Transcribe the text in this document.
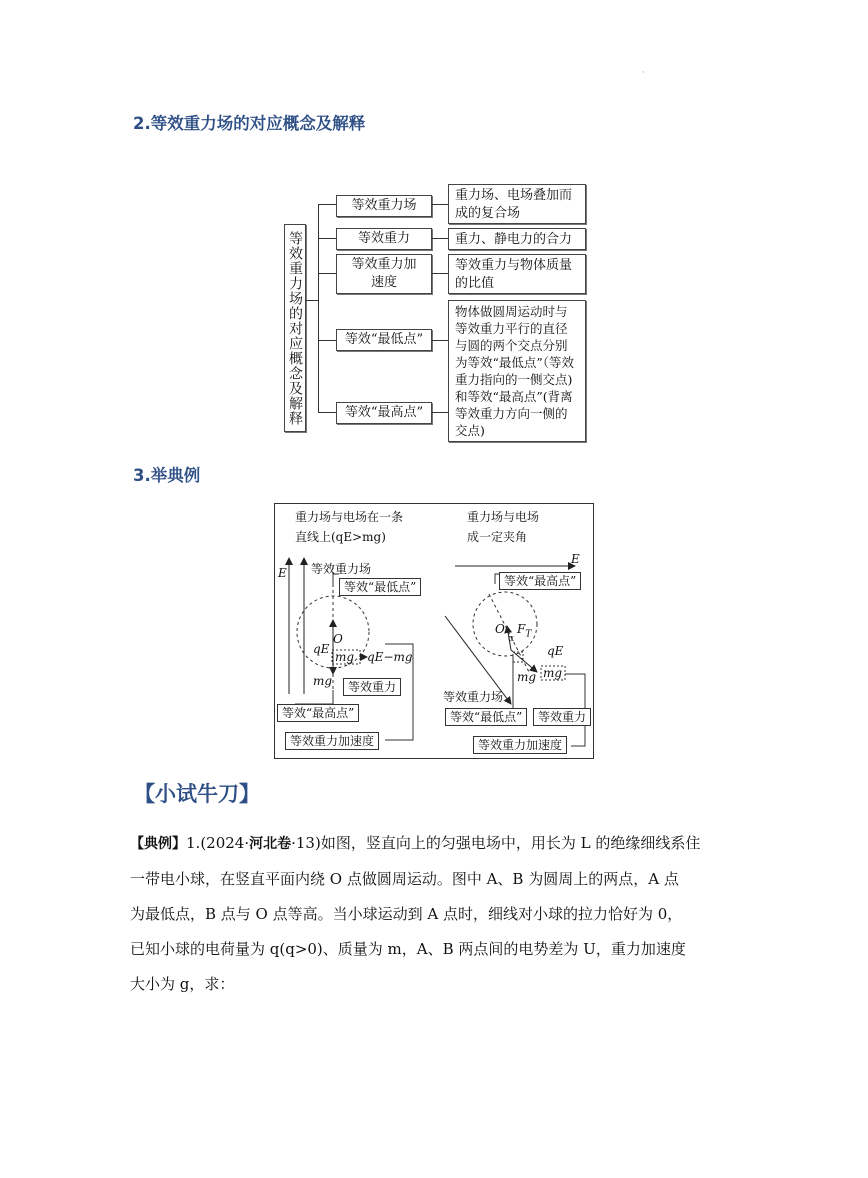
·
2.等效重力场的对应概念及解释
等效重力场的对应概念及解释
等效重力场
等效重力
等效重力加速度
等效“最低点”
等效“最高点”
重力场、电场叠加而成的复合场
重力、静电力的合力
等效重力与物体质量的比值
物体做圆周运动时与等效重力平行的直径与圆的两个交点分别为等效“最低点”（等效重力指向的一侧交点)和等效“最高点”(背离等效重力方向一侧的交点)
3.举典例
重力场与电场在一条
直线上(qE>mg)
重力场与电场
成一定夹角
E 等效重力场
等效“最低点”
O
qE
mg qE−mg
mg	等效重力
等效“最高点”
等效重力加速度
E
等效“最高点”
O $F_T$
α
qE
mg mg
等效重力场
等效“最低点”	等效重力
等效重力加速度
【小试牛刀】
【典例】1.(2024·河北卷·13)如图，竖直向上的匀强电场中，用长为 L 的绝缘细线系住
一带电小球，在竖直平面内绕 O 点做圆周运动。图中 A、B 为圆周上的两点，A 点
为最低点，B 点与 O 点等高。当小球运动到 A 点时，细线对小球的拉力恰好为 0，
已知小球的电荷量为 q(q>0)、质量为 m，A、B 两点间的电势差为 U，重力加速度
大小为 g，求：
